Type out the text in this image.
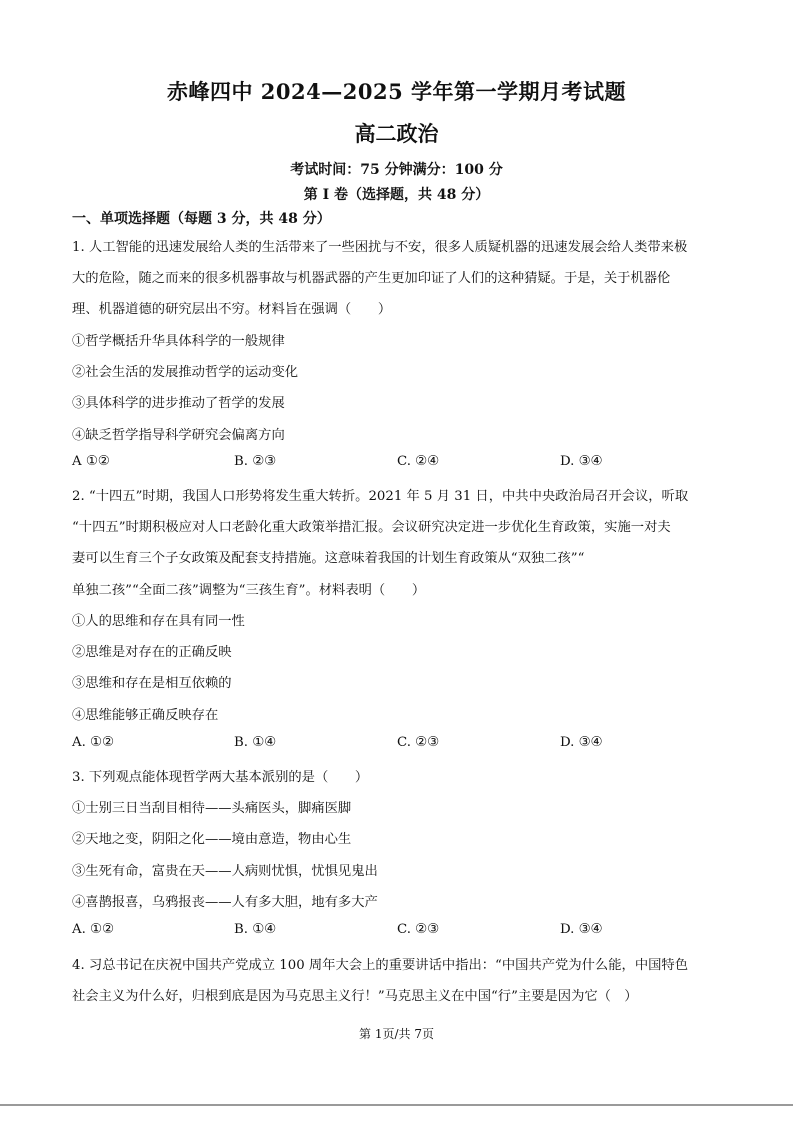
赤峰四中 2024—2025 学年第一学期月考试题
高二政治
考试时间：75 分钟满分：100 分
第 I 卷（选择题，共 48 分）
一、单项选择题（每题 3 分，共 48 分）
1. 人工智能的迅速发展给人类的生活带来了一些困扰与不安，很多人质疑机器的迅速发展会给人类带来极
大的危险，随之而来的很多机器事故与机器武器的产生更加印证了人们的这种猜疑。于是，关于机器伦
理、机器道德的研究层出不穷。材料旨在强调（　　）
①哲学概括升华具体科学的一般规律
②社会生活的发展推动哲学的运动变化
③具体科学的进步推动了哲学的发展
④缺乏哲学指导科学研究会偏离方向
A ①②	B. ②③	C. ②④	D. ③④
2. “十四五”时期，我国人口形势将发生重大转折。2021 年 5 月 31 日，中共中央政治局召开会议，听取
“十四五”时期积极应对人口老龄化重大政策举措汇报。会议研究决定进一步优化生育政策，实施一对夫
妻可以生育三个子女政策及配套支持措施。这意味着我国的计划生育政策从“双独二孩”“
单独二孩”“全面二孩”调整为“三孩生育”。材料表明（　　）
①人的思维和存在具有同一性
②思维是对存在的正确反映
③思维和存在是相互依赖的
④思维能够正确反映存在
A. ①②	B. ①④	C. ②③	D. ③④
3. 下列观点能体现哲学两大基本派别的是（　　）
①士别三日当刮目相待——头痛医头，脚痛医脚
②天地之变，阴阳之化——境由意造，物由心生
③生死有命，富贵在天——人病则忧惧，忧惧见鬼出
④喜鹊报喜，乌鸦报丧——人有多大胆，地有多大产
A. ①②	B. ①④	C. ②③	D. ③④
4. 习总书记在庆祝中国共产党成立 100 周年大会上的重要讲话中指出：“中国共产党为什么能，中国特色
社会主义为什么好，归根到底是因为马克思主义行！”马克思主义在中国“行”主要是因为它（　）
第 1页/共 7页
